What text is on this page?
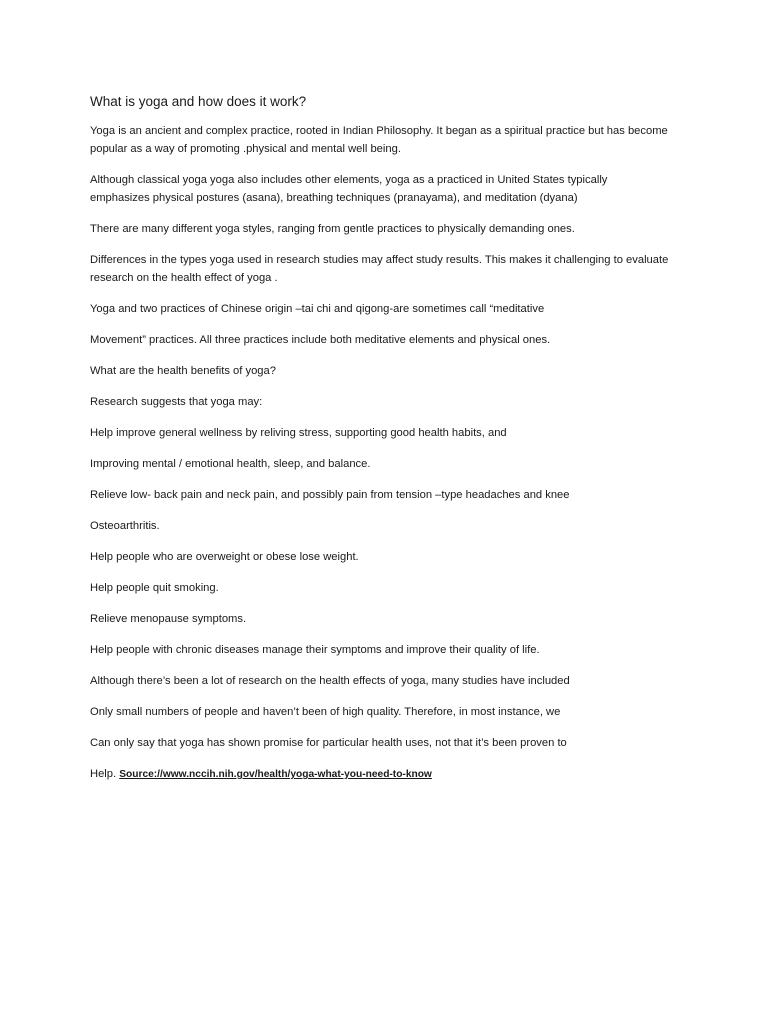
What is yoga and how does it work?

Yoga is an ancient and complex practice, rooted in Indian Philosophy. It began as a spiritual practice but has become popular as a way of promoting .physical and mental well being.

Although classical yoga yoga also includes other elements, yoga as a practiced in United States typically emphasizes physical postures (asana), breathing techniques (pranayama), and meditation (dyana)

There are many different yoga styles, ranging from gentle practices to physically demanding ones.

Differences in the types yoga used in research studies may affect study results. This makes it challenging to evaluate research on the health effect of yoga .

Yoga and two practices of Chinese origin –tai chi and qigong-are sometimes call “meditative
Movement” practices. All three practices include both meditative elements and physical ones.
What are the health benefits of yoga?
Research suggests that yoga may:
Help improve general wellness by reliving stress, supporting good health habits, and
Improving mental / emotional health, sleep, and balance.
Relieve low- back pain and neck pain, and possibly pain from tension –type headaches and knee
Osteoarthritis.
Help people who are overweight or obese lose weight.
Help people quit smoking.
Relieve menopause symptoms.
Help people with chronic diseases manage their symptoms and improve their quality of life.
Although there’s been a lot of research on the health effects of yoga, many studies have included
Only small numbers of people and haven’t been of high quality. Therefore, in most instance, we
Can only say that yoga has shown promise for particular health uses, not that it’s been proven to
Help. Source://www.nccih.nih.gov/health/yoga-what-you-need-to-know
